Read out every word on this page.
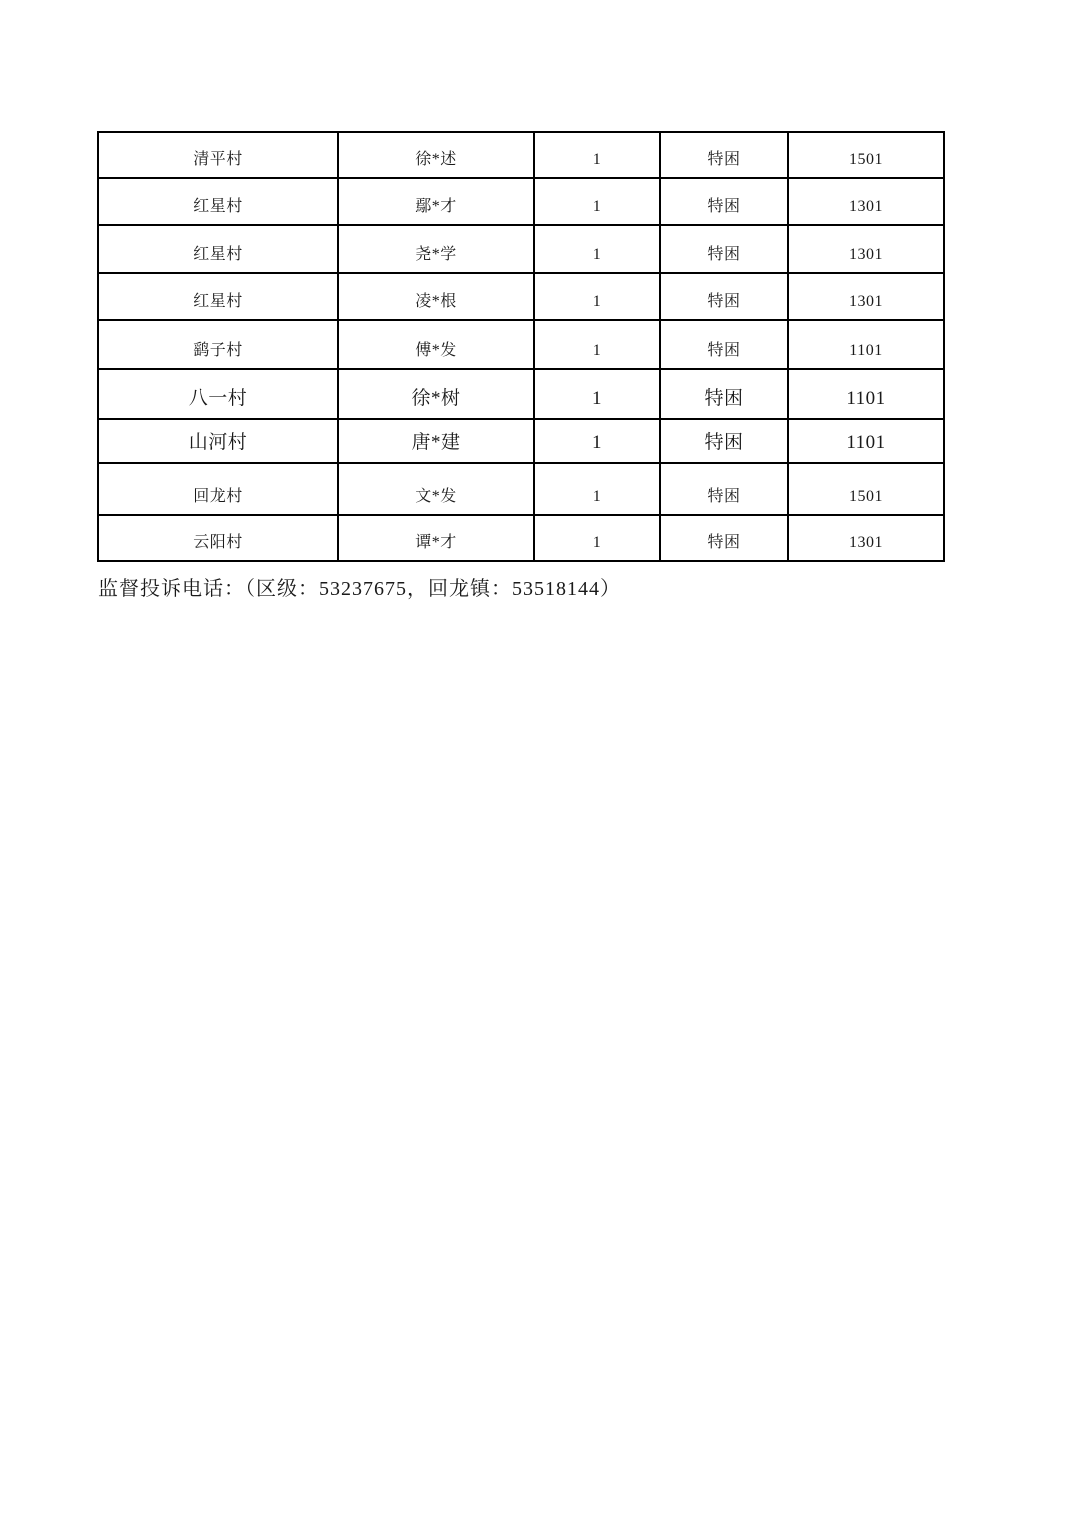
清平村	徐*述	1	特困	1501
红星村	鄢*才	1	特困	1301
红星村	尧*学	1	特困	1301
红星村	凌*根	1	特困	1301
鹞子村	傅*发	1	特困	1101
八一村	徐*树	1	特困	1101
山河村	唐*建	1	特困	1101
回龙村	文*发	1	特困	1501
云阳村	谭*才	1	特困	1301

监督投诉电话：（区级：53237675，回龙镇：53518144）
